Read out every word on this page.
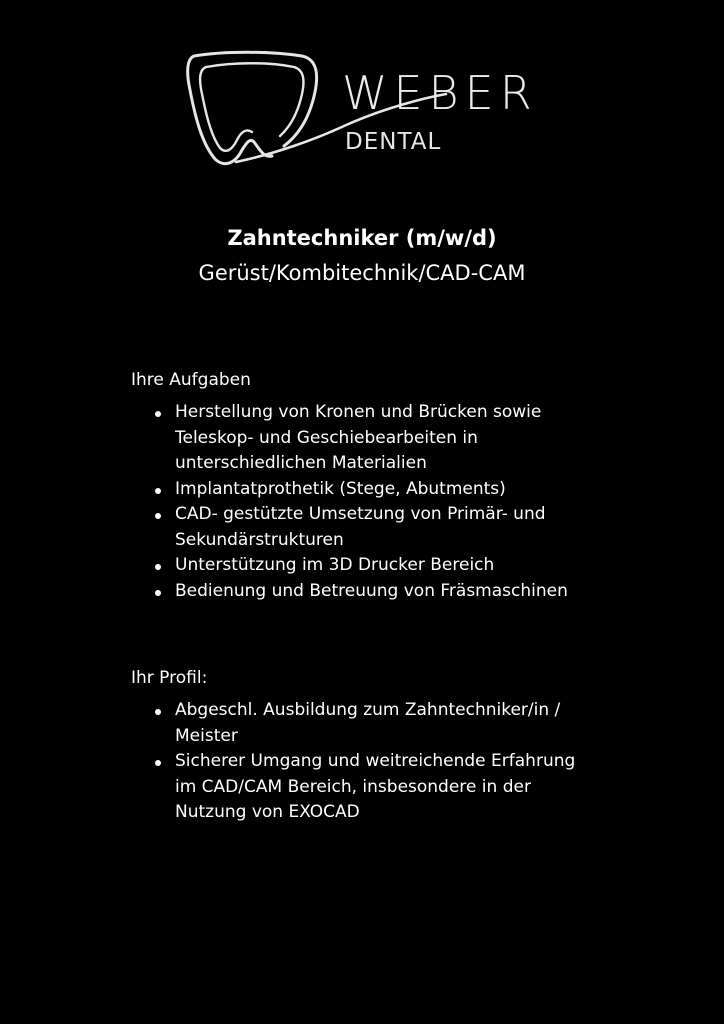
WEBER
DENTAL
Zahntechniker (m/w/d)

Gerüst/Kombitechnik/CAD-CAM

Ihre Aufgaben

Herstellung von Kronen und Brücken sowie
Teleskop- und Geschiebearbeiten in
unterschiedlichen Materialien
Implantatprothetik (Stege, Abutments)
CAD- gestützte Umsetzung von Primär- und
Sekundärstrukturen
Unterstützung im 3D Drucker Bereich
Bedienung und Betreuung von Fräsmaschinen

Ihr Profil:

Abgeschl. Ausbildung zum Zahntechniker/in /
Meister
Sicherer Umgang und weitreichende Erfahrung
im CAD/CAM Bereich, insbesondere in der
Nutzung von EXOCAD
